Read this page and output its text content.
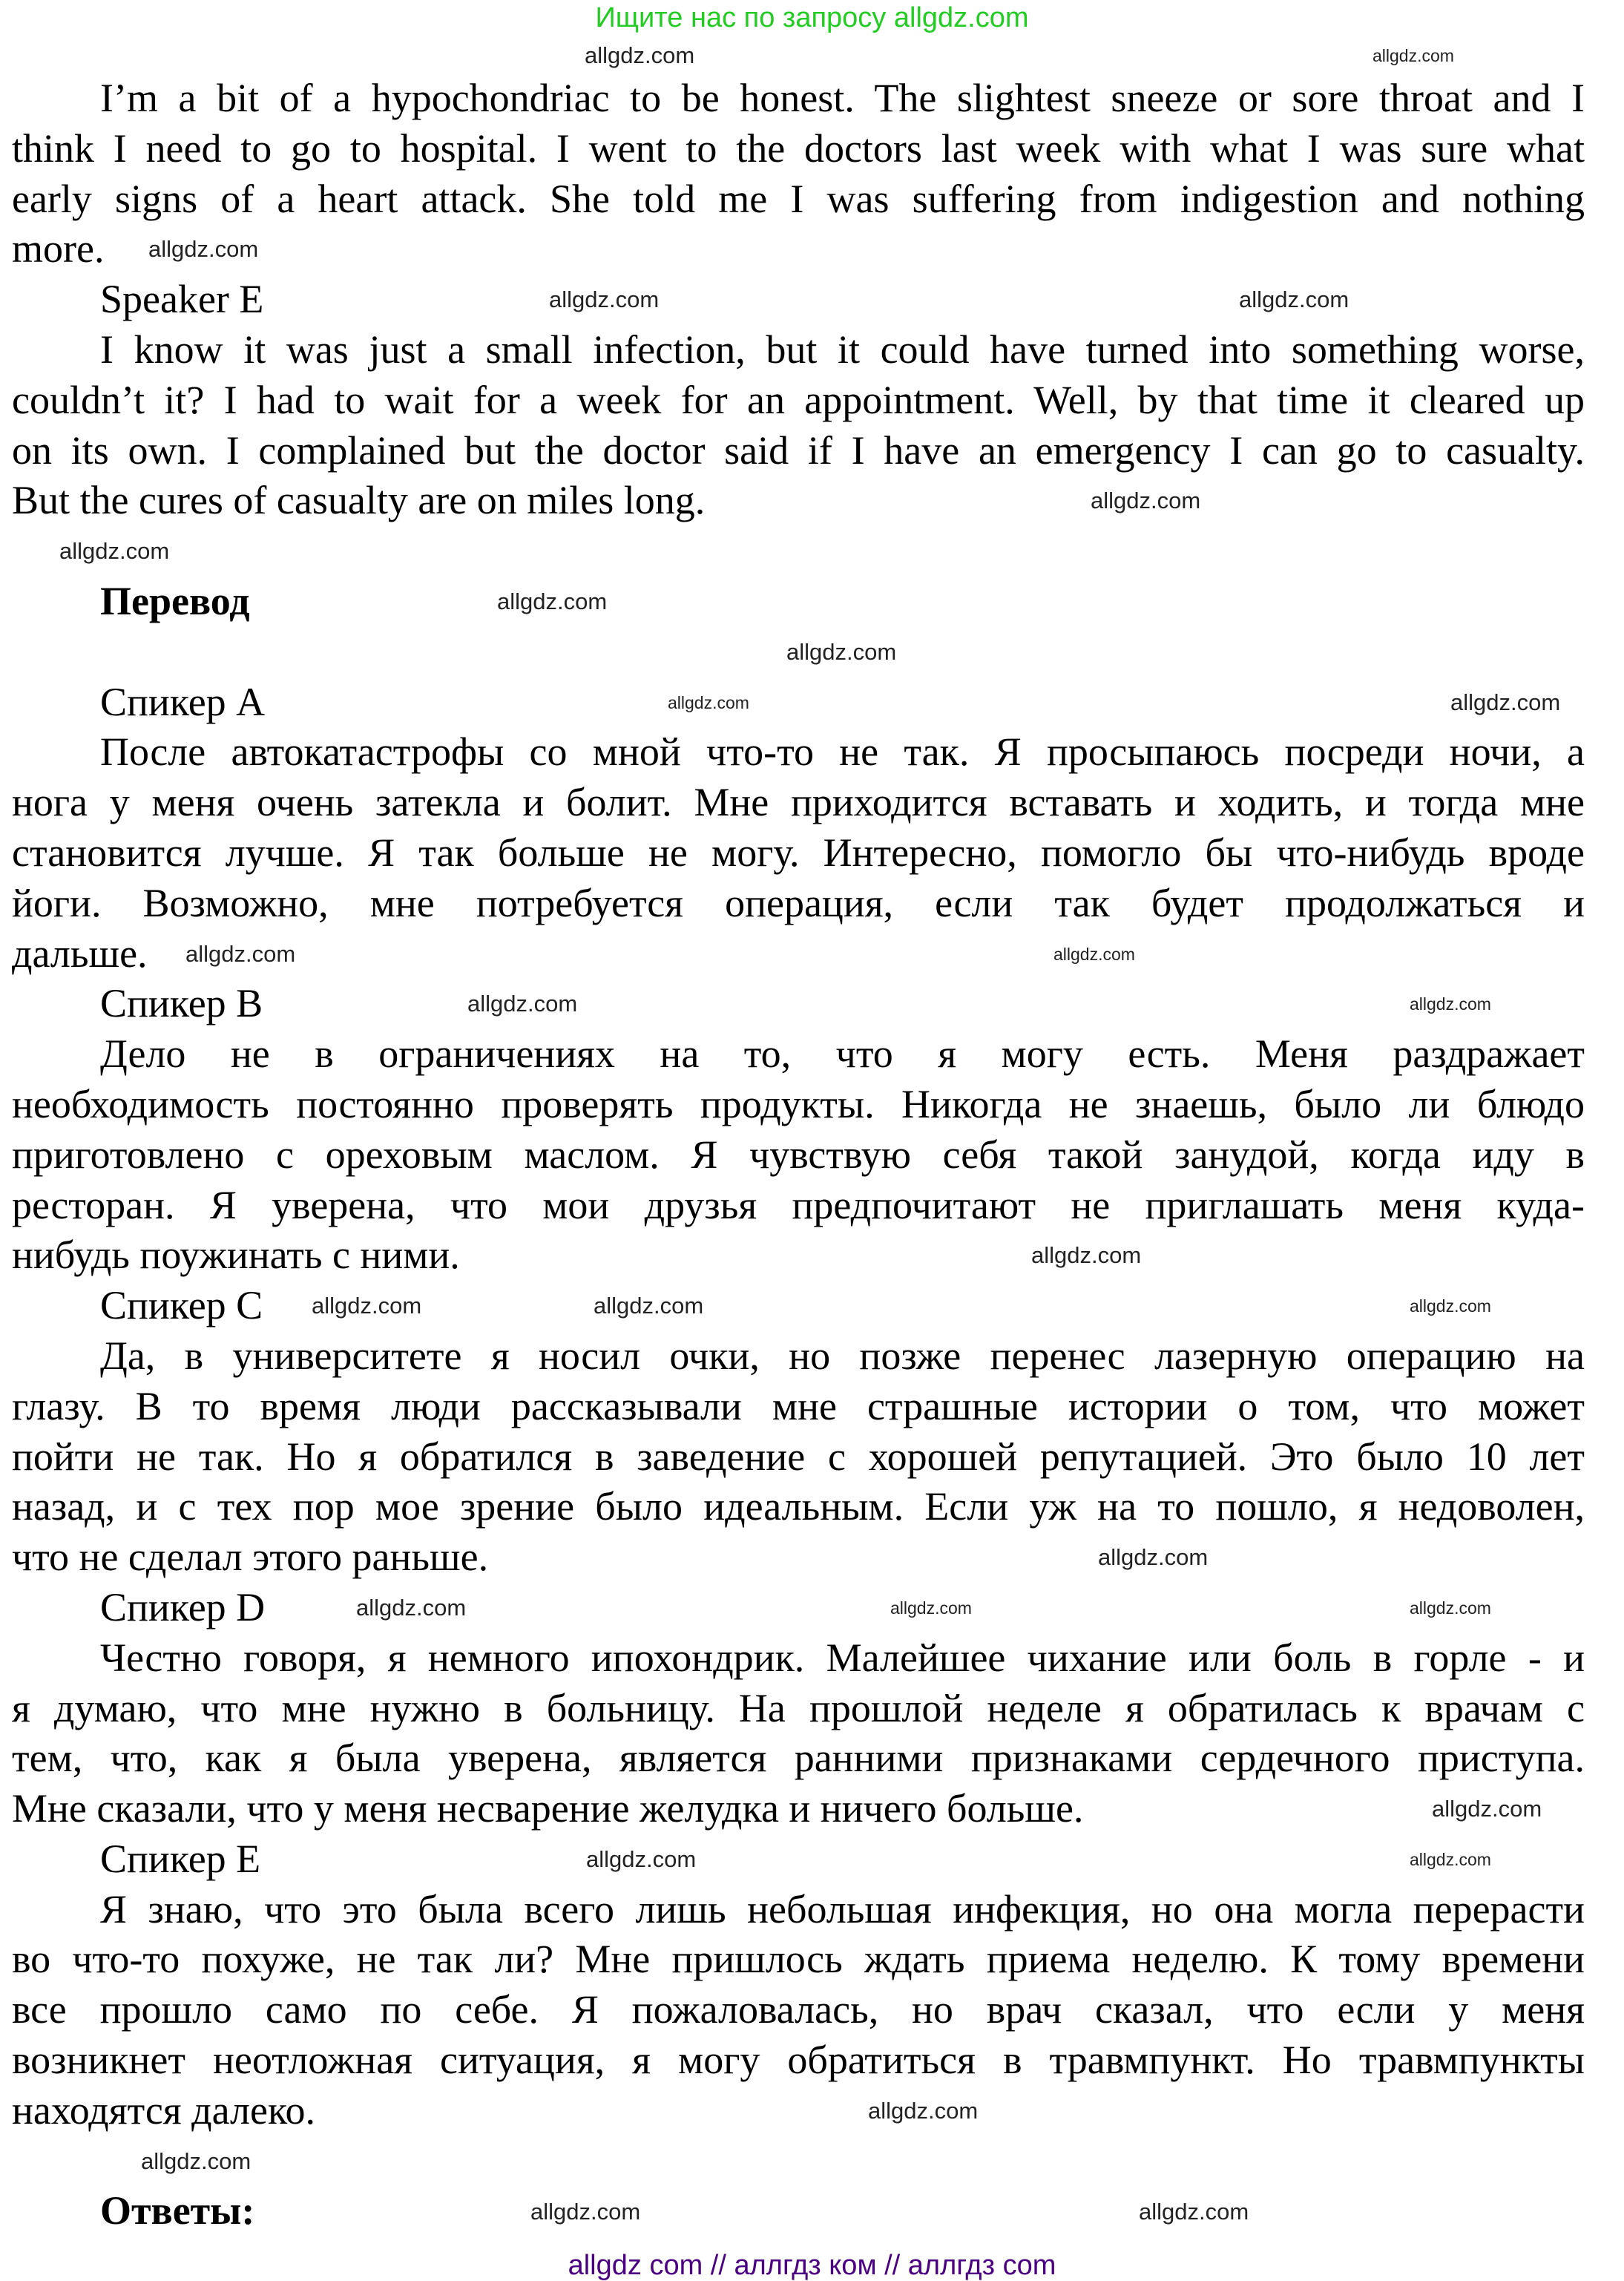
Ищите нас по запросу allgdz.com
I’m a bit of a hypochondriac to be honest. The slightest sneeze or sore throat and I
think I need to go to hospital. I went to the doctors last week with what I was sure what
early signs of a heart attack. She told me I was suffering from indigestion and nothing
more.
Speaker E
I know it was just a small infection, but it could have turned into something worse,
couldn’t it? I had to wait for a week for an appointment. Well, by that time it cleared up
on its own. I complained but the doctor said if I have an emergency I can go to casualty.
But the cures of casualty are on miles long.
Перевод
Спикер A
После автокатастрофы со мной что-то не так. Я просыпаюсь посреди ночи, а
нога у меня очень затекла и болит. Мне приходится вставать и ходить, и тогда мне
становится лучше. Я так больше не могу. Интересно, помогло бы что-нибудь вроде
йоги. Возможно, мне потребуется операция, если так будет продолжаться и
дальше.
Спикер B
Дело не в ограничениях на то, что я могу есть. Меня раздражает
необходимость постоянно проверять продукты. Никогда не знаешь, было ли блюдо
приготовлено с ореховым маслом. Я чувствую себя такой занудой, когда иду в
ресторан. Я уверена, что мои друзья предпочитают не приглашать меня куда-
нибудь поужинать с ними.
Спикер C
Да, в университете я носил очки, но позже перенес лазерную операцию на
глазу. В то время люди рассказывали мне страшные истории о том, что может
пойти не так. Но я обратился в заведение с хорошей репутацией. Это было 10 лет
назад, и с тех пор мое зрение было идеальным. Если уж на то пошло, я недоволен,
что не сделал этого раньше.
Спикер D
Честно говоря, я немного ипохондрик. Малейшее чихание или боль в горле - и
я думаю, что мне нужно в больницу. На прошлой неделе я обратилась к врачам с
тем, что, как я была уверена, является ранними признаками сердечного приступа.
Мне сказали, что у меня несварение желудка и ничего больше.
Спикер E
Я знаю, что это была всего лишь небольшая инфекция, но она могла перерасти
во что-то похуже, не так ли? Мне пришлось ждать приема неделю. К тому времени
все прошло само по себе. Я пожаловалась, но врач сказал, что если у меня
возникнет неотложная ситуация, я могу обратиться в травмпункт. Но травмпункты
находятся далеко.
Ответы:
allgdz com // аллгдз ком // аллгдз com
allgdz.com	allgdz.com
allgdz.com
allgdz.com	allgdz.com
allgdz.com
allgdz.com
allgdz.com
allgdz.com
allgdz.com
allgdz.com
allgdz.com
allgdz.com
allgdz.com	allgdz.com
allgdz.com
allgdz.com
allgdz.com	allgdz.com
allgdz.com
allgdz.com
allgdz.com	allgdz.com
allgdz.com
allgdz.com	allgdz.com
allgdz.com
allgdz.com
allgdz.com	allgdz.com
